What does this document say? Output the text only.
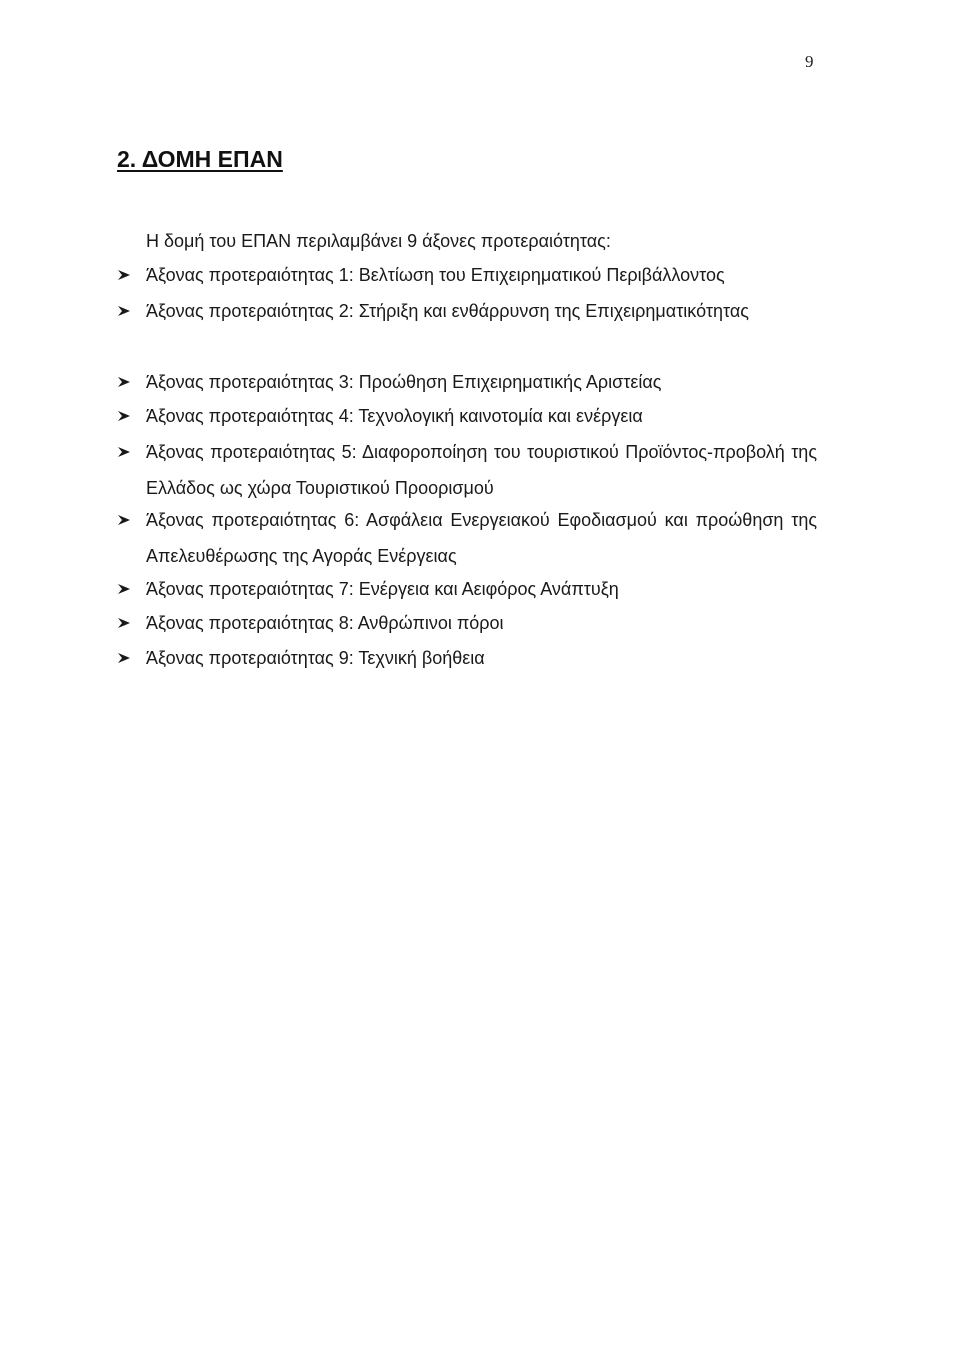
9
2. ΔΟΜΗ ΕΠΑΝ

Η δομή του ΕΠΑΝ περιλαμβάνει 9 άξονες προτεραιότητας:

Άξονας προτεραιότητας 1: Βελτίωση του Επιχειρηματικού Περιβάλλοντος
Άξονας προτεραιότητας 2: Στήριξη και ενθάρρυνση της Επιχειρηματικότητας
Άξονας προτεραιότητας 3: Προώθηση Επιχειρηματικής Αριστείας
Άξονας προτεραιότητας 4: Τεχνολογική καινοτομία και ενέργεια
Άξονας προτεραιότητας 5: Διαφοροποίηση του τουριστικού Προϊόντος-προβολή της Ελλάδος ως χώρα Τουριστικού Προορισμού
Άξονας προτεραιότητας 6: Ασφάλεια Ενεργειακού Εφοδιασμού και προώθηση της Απελευθέρωσης της Αγοράς Ενέργειας
Άξονας προτεραιότητας 7: Ενέργεια και Αειφόρος Ανάπτυξη
Άξονας προτεραιότητας 8: Ανθρώπινοι πόροι
Άξονας προτεραιότητας 9: Τεχνική βοήθεια
